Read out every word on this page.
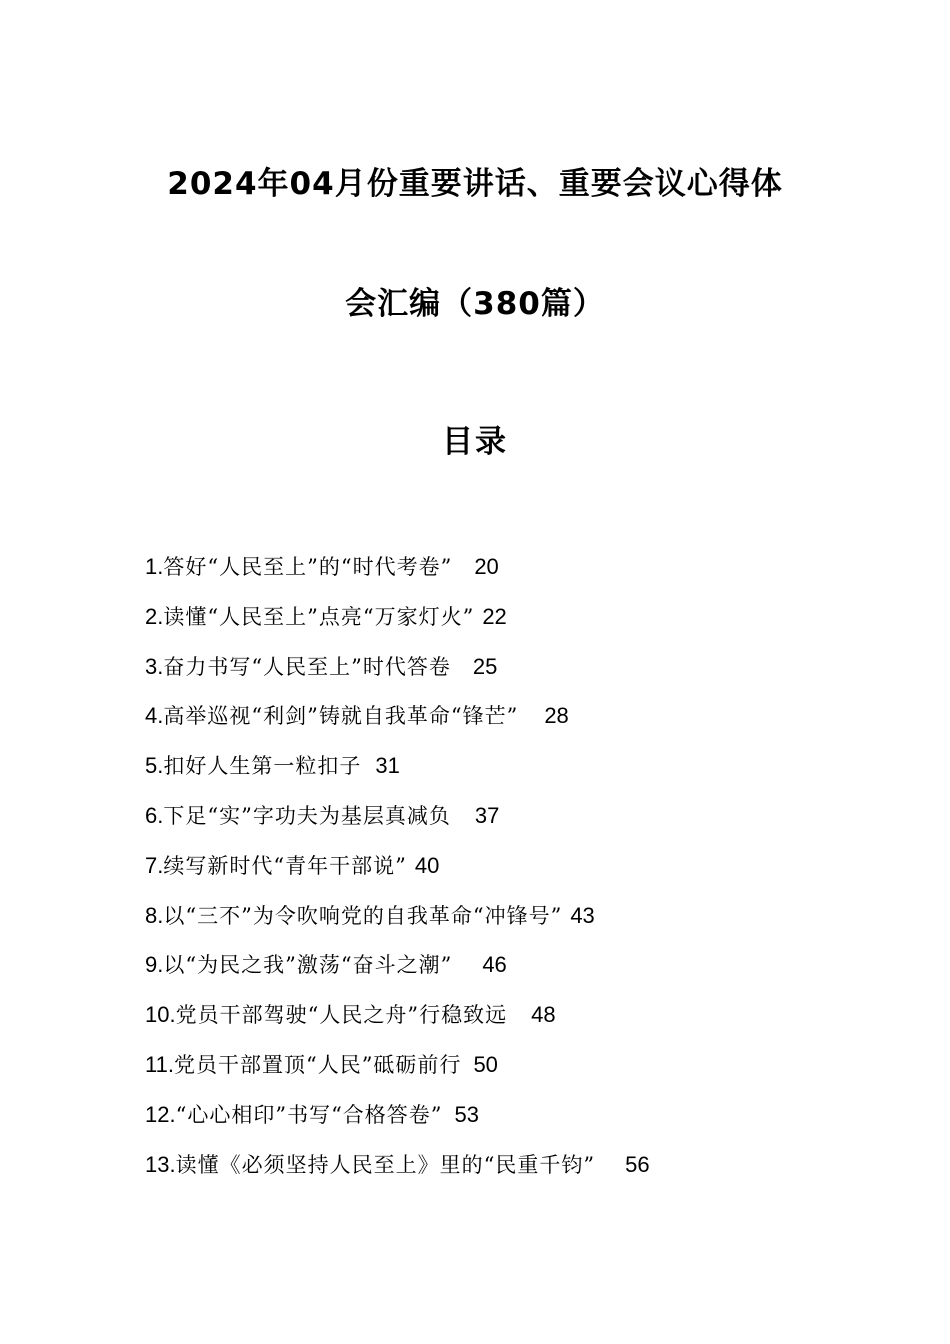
2024年04月份重要讲话、重要会议心得体
会汇编（380篇）
目录
1.答好“人民至上”的“时代考卷” 20
2.读懂“人民至上”点亮“万家灯火” 22
3.奋力书写“人民至上”时代答卷 25
4.高举巡视“利剑”铸就自我革命“锋芒” 28
5.扣好人生第一粒扣子 31
6.下足“实”字功夫为基层真减负 37
7.续写新时代“青年干部说” 40
8.以“三不”为令吹响党的自我革命“冲锋号” 43
9.以“为民之我”激荡“奋斗之潮” 46
10.党员干部驾驶“人民之舟”行稳致远 48
11.党员干部置顶“人民”砥砺前行 50
12.“心心相印”书写“合格答卷” 53
13.读懂《必须坚持人民至上》里的“民重千钧” 56
